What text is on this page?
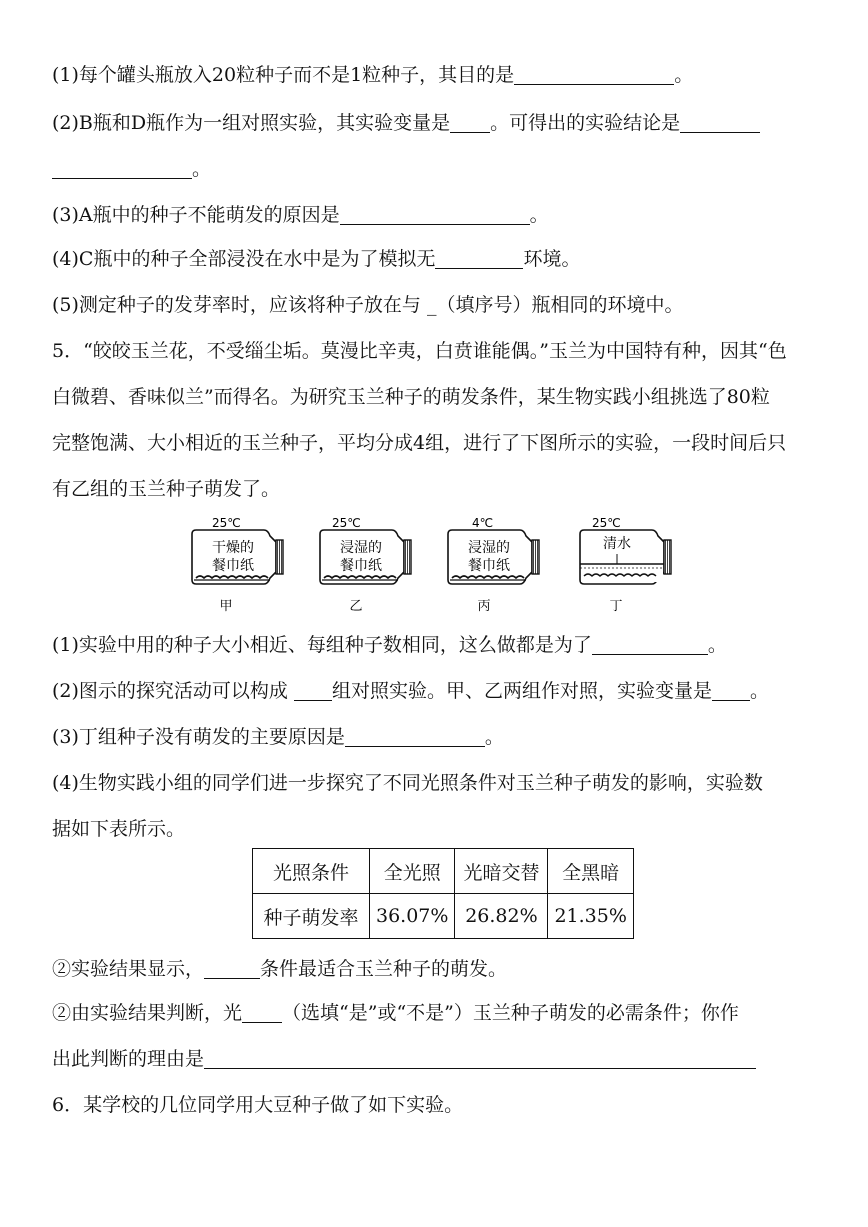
(1)每个罐头瓶放入20粒种子而不是1粒种子，其目的是	。
(2)B瓶和D瓶作为一组对照实验，其实验变量是 。可得出的实验结论是
。
(3)A瓶中的种子不能萌发的原因是	。
(4)C瓶中的种子全部浸没在水中是为了模拟无	环境。
(5)测定种子的发芽率时，应该将种子放在与 _（填序号）瓶相同的环境中。
5．“皎皎玉兰花，不受缁尘垢。莫漫比辛夷，白贲谁能偶。”玉兰为中国特有种，因其“色
白微碧、香味似兰”而得名。为研究玉兰种子的萌发条件，某生物实践小组挑选了80粒
完整饱满、大小相近的玉兰种子，平均分成4组，进行了下图所示的实验，一段时间后只
有乙组的玉兰种子萌发了。
25℃
干燥的
餐巾纸
甲
25℃
浸湿的
餐巾纸
乙
4℃
浸湿的
餐巾纸
丙
25℃
清水
丁
(1)实验中用的种子大小相近、每组种子数相同，这么做都是为了	。
(2)图示的探究活动可以构成 组对照实验。甲、乙两组作对照，实验变量是 。
(3)丁组种子没有萌发的主要原因是	。
(4)生物实践小组的同学们进一步探究了不同光照条件对玉兰种子萌发的影响，实验数
据如下表所示。
光照条件	全光照	光暗交替	全黑暗
种子萌发率	36.07%	26.82%	21.35%
②实验结果显示，	条件最适合玉兰种子的萌发。
②由实验结果判断，光 （选填“是”或“不是”）玉兰种子萌发的必需条件；你作
出此判断的理由是
6．某学校的几位同学用大豆种子做了如下实验。
